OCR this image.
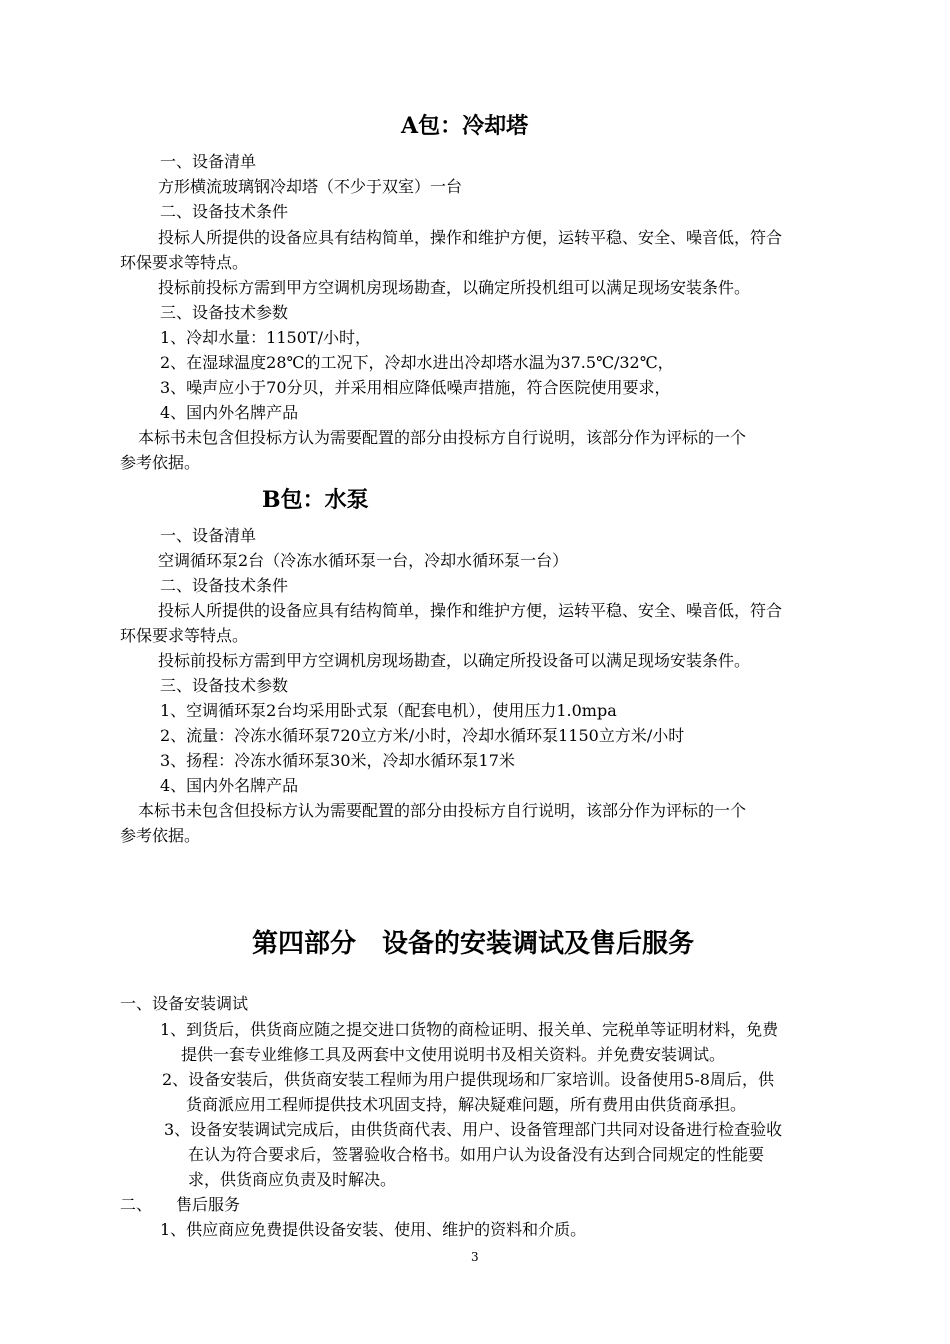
A包：冷却塔
一、设备清单
方形横流玻璃钢冷却塔（不少于双室）一台
二、设备技术条件
投标人所提供的设备应具有结构简单，操作和维护方便，运转平稳、安全、噪音低，符合
环保要求等特点。
投标前投标方需到甲方空调机房现场勘查，以确定所投机组可以满足现场安装条件。
三、设备技术参数
1、冷却水量：1150T/小时，
2、在湿球温度28℃的工况下，冷却水进出冷却塔水温为37.5℃/32℃，
3、噪声应小于70分贝，并采用相应降低噪声措施，符合医院使用要求，
4、国内外名牌产品
本标书未包含但投标方认为需要配置的部分由投标方自行说明，该部分作为评标的一个
参考依据。
B包：水泵
一、设备清单
空调循环泵2台（冷冻水循环泵一台，冷却水循环泵一台）
二、设备技术条件
投标人所提供的设备应具有结构简单，操作和维护方便，运转平稳、安全、噪音低，符合
环保要求等特点。
投标前投标方需到甲方空调机房现场勘查，以确定所投设备可以满足现场安装条件。
三、设备技术参数
1、空调循环泵2台均采用卧式泵（配套电机），使用压力1.0mpa
2、流量：冷冻水循环泵720立方米/小时，冷却水循环泵1150立方米/小时
3、扬程：冷冻水循环泵30米，冷却水循环泵17米
4、国内外名牌产品
本标书未包含但投标方认为需要配置的部分由投标方自行说明，该部分作为评标的一个
参考依据。
第四部分　设备的安装调试及售后服务
一、设备安装调试
1、到货后，供货商应随之提交进口货物的商检证明、报关单、完税单等证明材料，免费
提供一套专业维修工具及两套中文使用说明书及相关资料。并免费安装调试。
2、设备安装后，供货商安装工程师为用户提供现场和厂家培训。设备使用5-8周后，供
货商派应用工程师提供技术巩固支持，解决疑难问题，所有费用由供货商承担。
3、设备安装调试完成后，由供货商代表、用户、设备管理部门共同对设备进行检查验收
在认为符合要求后，签署验收合格书。如用户认为设备没有达到合同规定的性能要
求，供货商应负责及时解决。
二、　　售后服务
1、供应商应免费提供设备安装、使用、维护的资料和介质。
3
